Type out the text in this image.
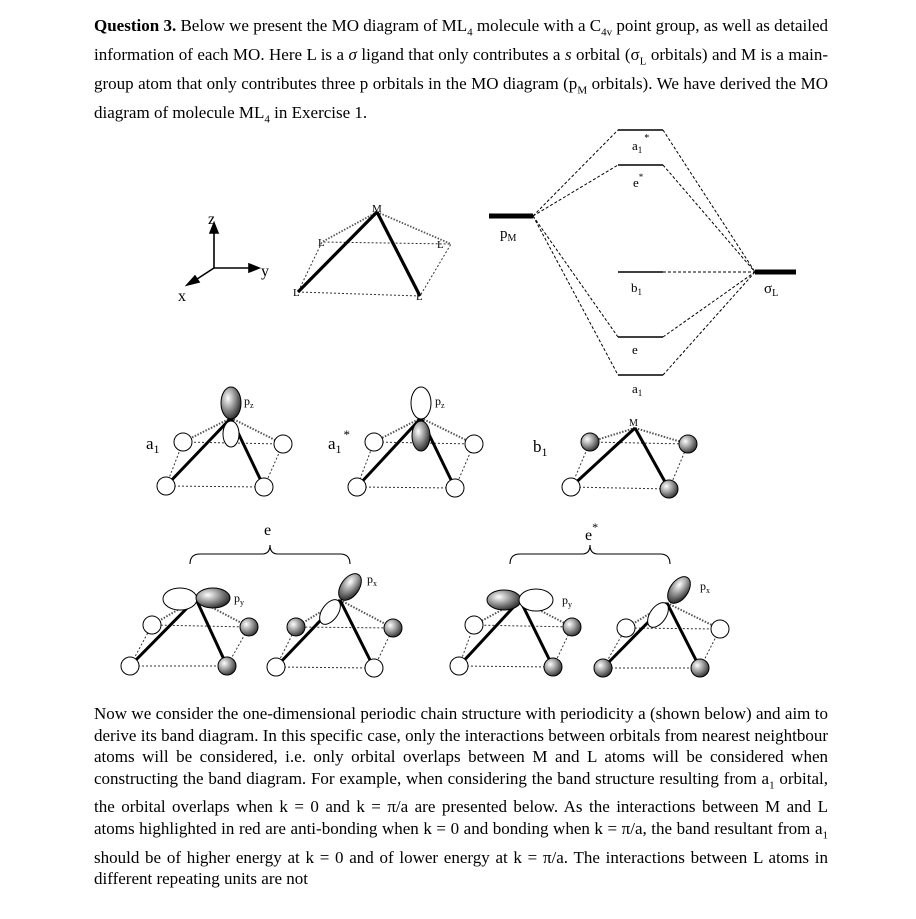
Question 3. Below we present the MO diagram of $ML_4$ molecule with a $C_{4v}$ point group, as well as detailed information of each MO. Here L is a σ ligand that only contributes a s orbital ($\sigma_L$ orbitals) and M is a main-group atom that only contributes three p orbitals in the MO diagram ($p_M$ orbitals). We have derived the MO diagram of molecule $ML_4$ in Exercise 1.

z
y
x
M
L	L
L	L
$p_M$
$\sigma_L$
$a_1^*$
e*
$b_1$
e
$a_1$
$a_1$
$p_z$
$a_1^*$
$p_z$
$b_1$
M
e
$p_y$
$p_x$
e*
$p_y$
$p_x$

Now we consider the one-dimensional periodic chain structure with periodicity a (shown below) and aim to derive its band diagram. In this specific case, only the interactions between orbitals from nearest neightbour atoms will be considered, i.e. only orbital overlaps between M and L atoms will be considered when constructing the band diagram. For example, when considering the band structure resulting from $a_1$ orbital, the orbital overlaps when k = 0 and k = π/a are presented below. As the interactions between M and L atoms highlighted in red are anti-bonding when k = 0 and bonding when k = π/a, the band resultant from $a_1$ should be of higher energy at k = 0 and of lower energy at k = π/a. The interactions between L atoms in different repeating units are not
